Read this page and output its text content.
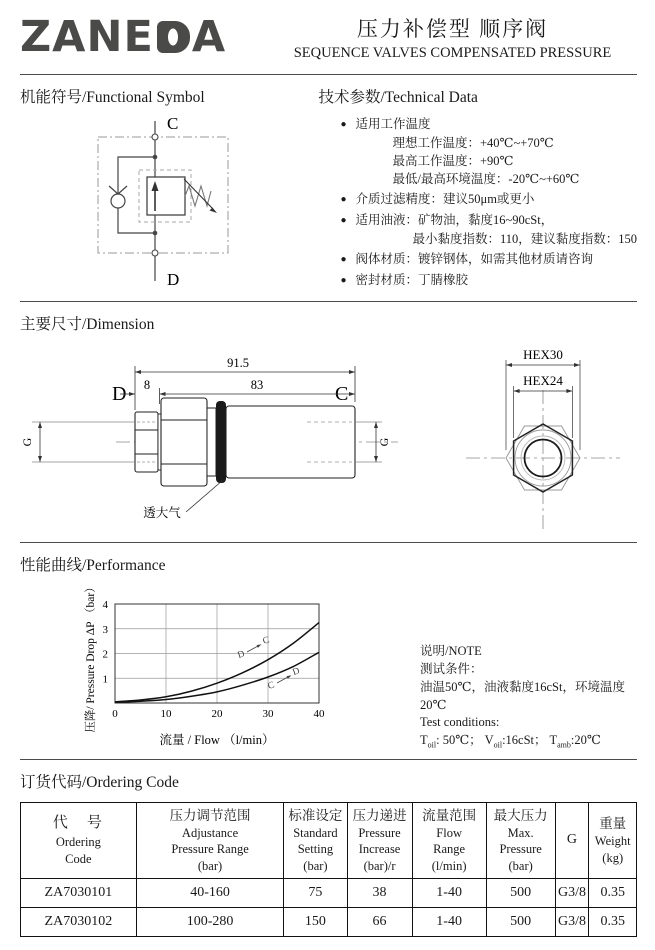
ZANE A	压力补偿型 顺序阀
SEQUENCE VALVES COMPENSATED PRESSURE
机能符号/Functional Symbol
C
D
技术参数/Technical Data
● 适用工作温度
理想工作温度：+40℃~+70℃
最高工作温度：+90℃
最低/最高环境温度：-20℃~+60℃
● 介质过滤精度：建议50μm或更小
● 适用油液：矿物油，黏度16~90cSt，
最小黏度指数：110，建议黏度指数：150
● 阀体材质：镀锌钢体，如需其他材质请咨询
● 密封材质：丁腈橡胶
主要尺寸/Dimension
D	C
91.5
8	83
G	G
透大气
HEX30
HEX24
性能曲线/Performance
0	10	20	30	40
1
2
3
4
D
C
C
D
压降/ Pressure Drop ΔP （bar）
流量 / Flow （l/min）
说明/NOTE
测试条件：
油温50℃，油液黏度16cSt，环境温度20℃
Test conditions:
$T_{oil}$: 50℃； $V_{oil}:16cSt$； $T_{amb}:20℃$
订货代码/Ordering Code
代　号
Ordering
Code

压力调节范围
Adjustance
Pressure Range
(bar)

标准设定
Standard
Setting
(bar)

压力递进
Pressure
Increase
(bar)/r

流量范围
Flow
Range
(l/min)

最大压力
Max.
Pressure
(bar)

G

重量
Weight
(kg)

ZA7030101	40-160	75	38	1-40	500	G3/8	0.35
ZA7030102	100-280	150	66	1-40	500	G3/8	0.35
